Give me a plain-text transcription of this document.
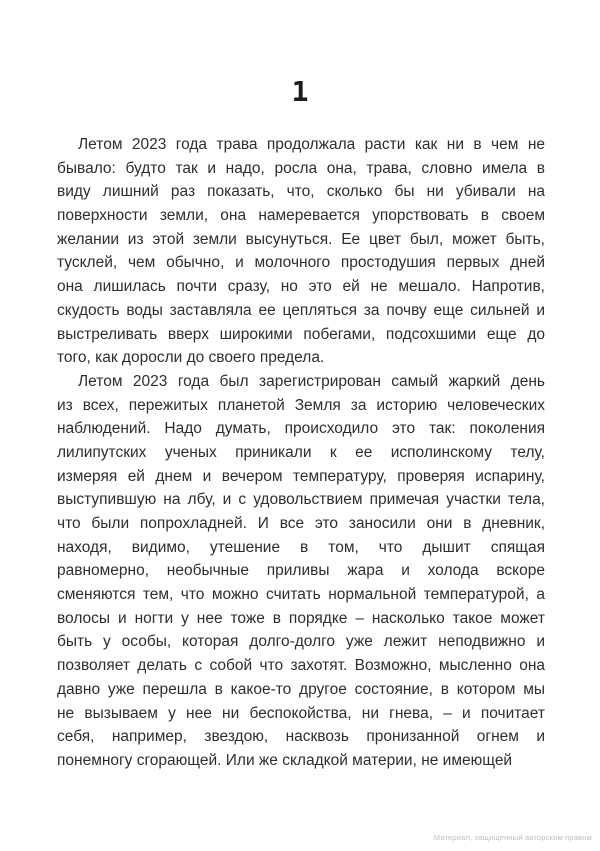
1
Летом 2023 года трава продолжала расти как ни в чем не
бывало: будто так и надо, росла она, трава, словно имела в
виду лишний раз показать, что, сколько бы ни убивали на
поверхности земли, она намеревается упорствовать в своем
желании из этой земли высунуться. Ее цвет был, может быть,
тусклей, чем обычно, и молочного простодушия первых дней
она лишилась почти сразу, но это ей не мешало. Напротив,
скудость воды заставляла ее цепляться за почву еще сильней и
выстреливать вверх широкими побегами, подсохшими еще до
того, как доросли до своего предела.
Летом 2023 года был зарегистрирован самый жаркий день
из всех, пережитых планетой Земля за историю человеческих
наблюдений. Надо думать, происходило это так: поколения
лилипутских ученых приникали к ее исполинскому телу,
измеряя ей днем и вечером температуру, проверяя испарину,
выступившую на лбу, и с удовольствием примечая участки тела,
что были попрохладней. И все это заносили они в дневник,
находя, видимо, утешение в том, что дышит спящая
равномерно, необычные приливы жара и холода вскоре
сменяются тем, что можно считать нормальной температурой, а
волосы и ногти у нее тоже в порядке – насколько такое может
быть у особы, которая долго-долго уже лежит неподвижно и
позволяет делать с собой что захотят. Возможно, мысленно она
давно уже перешла в какое-то другое состояние, в котором мы
не вызываем у нее ни беспокойства, ни гнева, – и почитает
себя, например, звездою, насквозь пронизанной огнем и
понемногу сгорающей. Или же складкой материи, не имеющей
Материал, защищенный авторским правом
